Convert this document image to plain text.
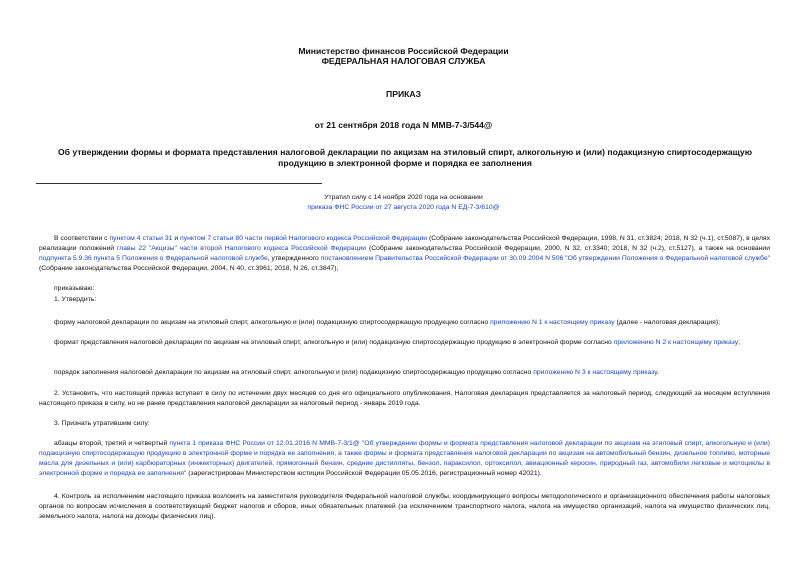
Министерство финансов Российской Федерации
ФЕДЕРАЛЬНАЯ НАЛОГОВАЯ СЛУЖБА
ПРИКАЗ
от 21 сентября 2018 года N ММВ-7-3/544@
Об утверждении формы и формата представления налоговой декларации по акцизам на этиловый спирт, алкогольную и (или) подакцизную спиртосодержащую продукцию в электронной форме и порядка ее заполнения
Утратил силу с 14 ноября 2020 года на основании
приказа ФНС России от 27 августа 2020 года N ЕД-7-3/610@
В соответствии с пунктом 4 статьи 31 и пунктом 7 статьи 80 части первой Налогового кодекса Российской Федерации (Собрание законодательства Российской Федерации, 1998, N 31, ст.3824; 2018, N 32 (ч.1), ст.5087), в целях реализации положений главы 22 "Акцизы" части второй Налогового кодекса Российской Федерации (Собрание законодательства Российской Федерации, 2000, N 32, ст.3340; 2018, N 32 (ч.2), ст.5127), а также на основании подпункта 5.9.36 пункта 5 Положения о Федеральной налоговой службе, утвержденного постановлением Правительства Российской Федерации от 30.09.2004 N 506 "Об утверждении Положения о Федеральной налоговой службе" (Собрание законодательства Российской Федерации, 2004, N 40, ст.3961; 2018, N 26, ст.3847),
приказываю:
1. Утвердить:
форму налоговой декларации по акцизам на этиловый спирт, алкогольную и (или) подакцизную спиртосодержащую продукцию согласно приложению N 1 к настоящему приказу (далее - налоговая декларация);
формат представления налоговой декларации по акцизам на этиловый спирт, алкогольную и (или) подакцизную спиртосодержащую продукцию в электронной форме согласно приложению N 2 к настоящему приказу;
порядок заполнения налоговой декларации по акцизам на этиловый спирт, алкогольную и (или) подакцизную спиртосодержащую продукцию согласно приложению N 3 к настоящему приказу.
2. Установить, что настоящий приказ вступает в силу по истечении двух месяцев со дня его официального опубликования. Налоговая декларация представляется за налоговый период, следующий за месяцем вступления настоящего приказа в силу, но не ранее представления налоговой декларации за налоговый период - январь 2019 года.
3. Признать утратившим силу:
абзацы второй, третий и четвертый пункта 1 приказа ФНС России от 12.01.2016 N ММВ-7-3/1@ "Об утверждении формы и формата представления налоговой декларации по акцизам на этиловый спирт, алкогольную и (или) подакцизную спиртосодержащую продукцию в электронной форме и порядка ее заполнения, а также формы и формата представления налоговой декларации по акцизам на автомобильный бензин, дизельное топливо, моторные масла для дизельных и (или) карбюраторных (инжекторных) двигателей, прямогонный бензин, средние дистилляты, бензол, параксилол, ортоксилол, авиационный керосин, природный газ, автомобили легковые и мотоциклы в электронной форме и порядка ее заполнения" (зарегистрирован Министерством юстиции Российской Федерации 05.05.2016, регистрационный номер 42021).
4. Контроль за исполнением настоящего приказа возложить на заместителя руководителя Федеральной налоговой службы, координирующего вопросы методологического и организационного обеспечения работы налоговых органов по вопросам исчисления в соответствующий бюджет налогов и сборов, иных обязательных платежей (за исключением транспортного налога, налога на имущество организаций, налога на имущество физических лиц, земельного налога, налога на доходы физических лиц).
